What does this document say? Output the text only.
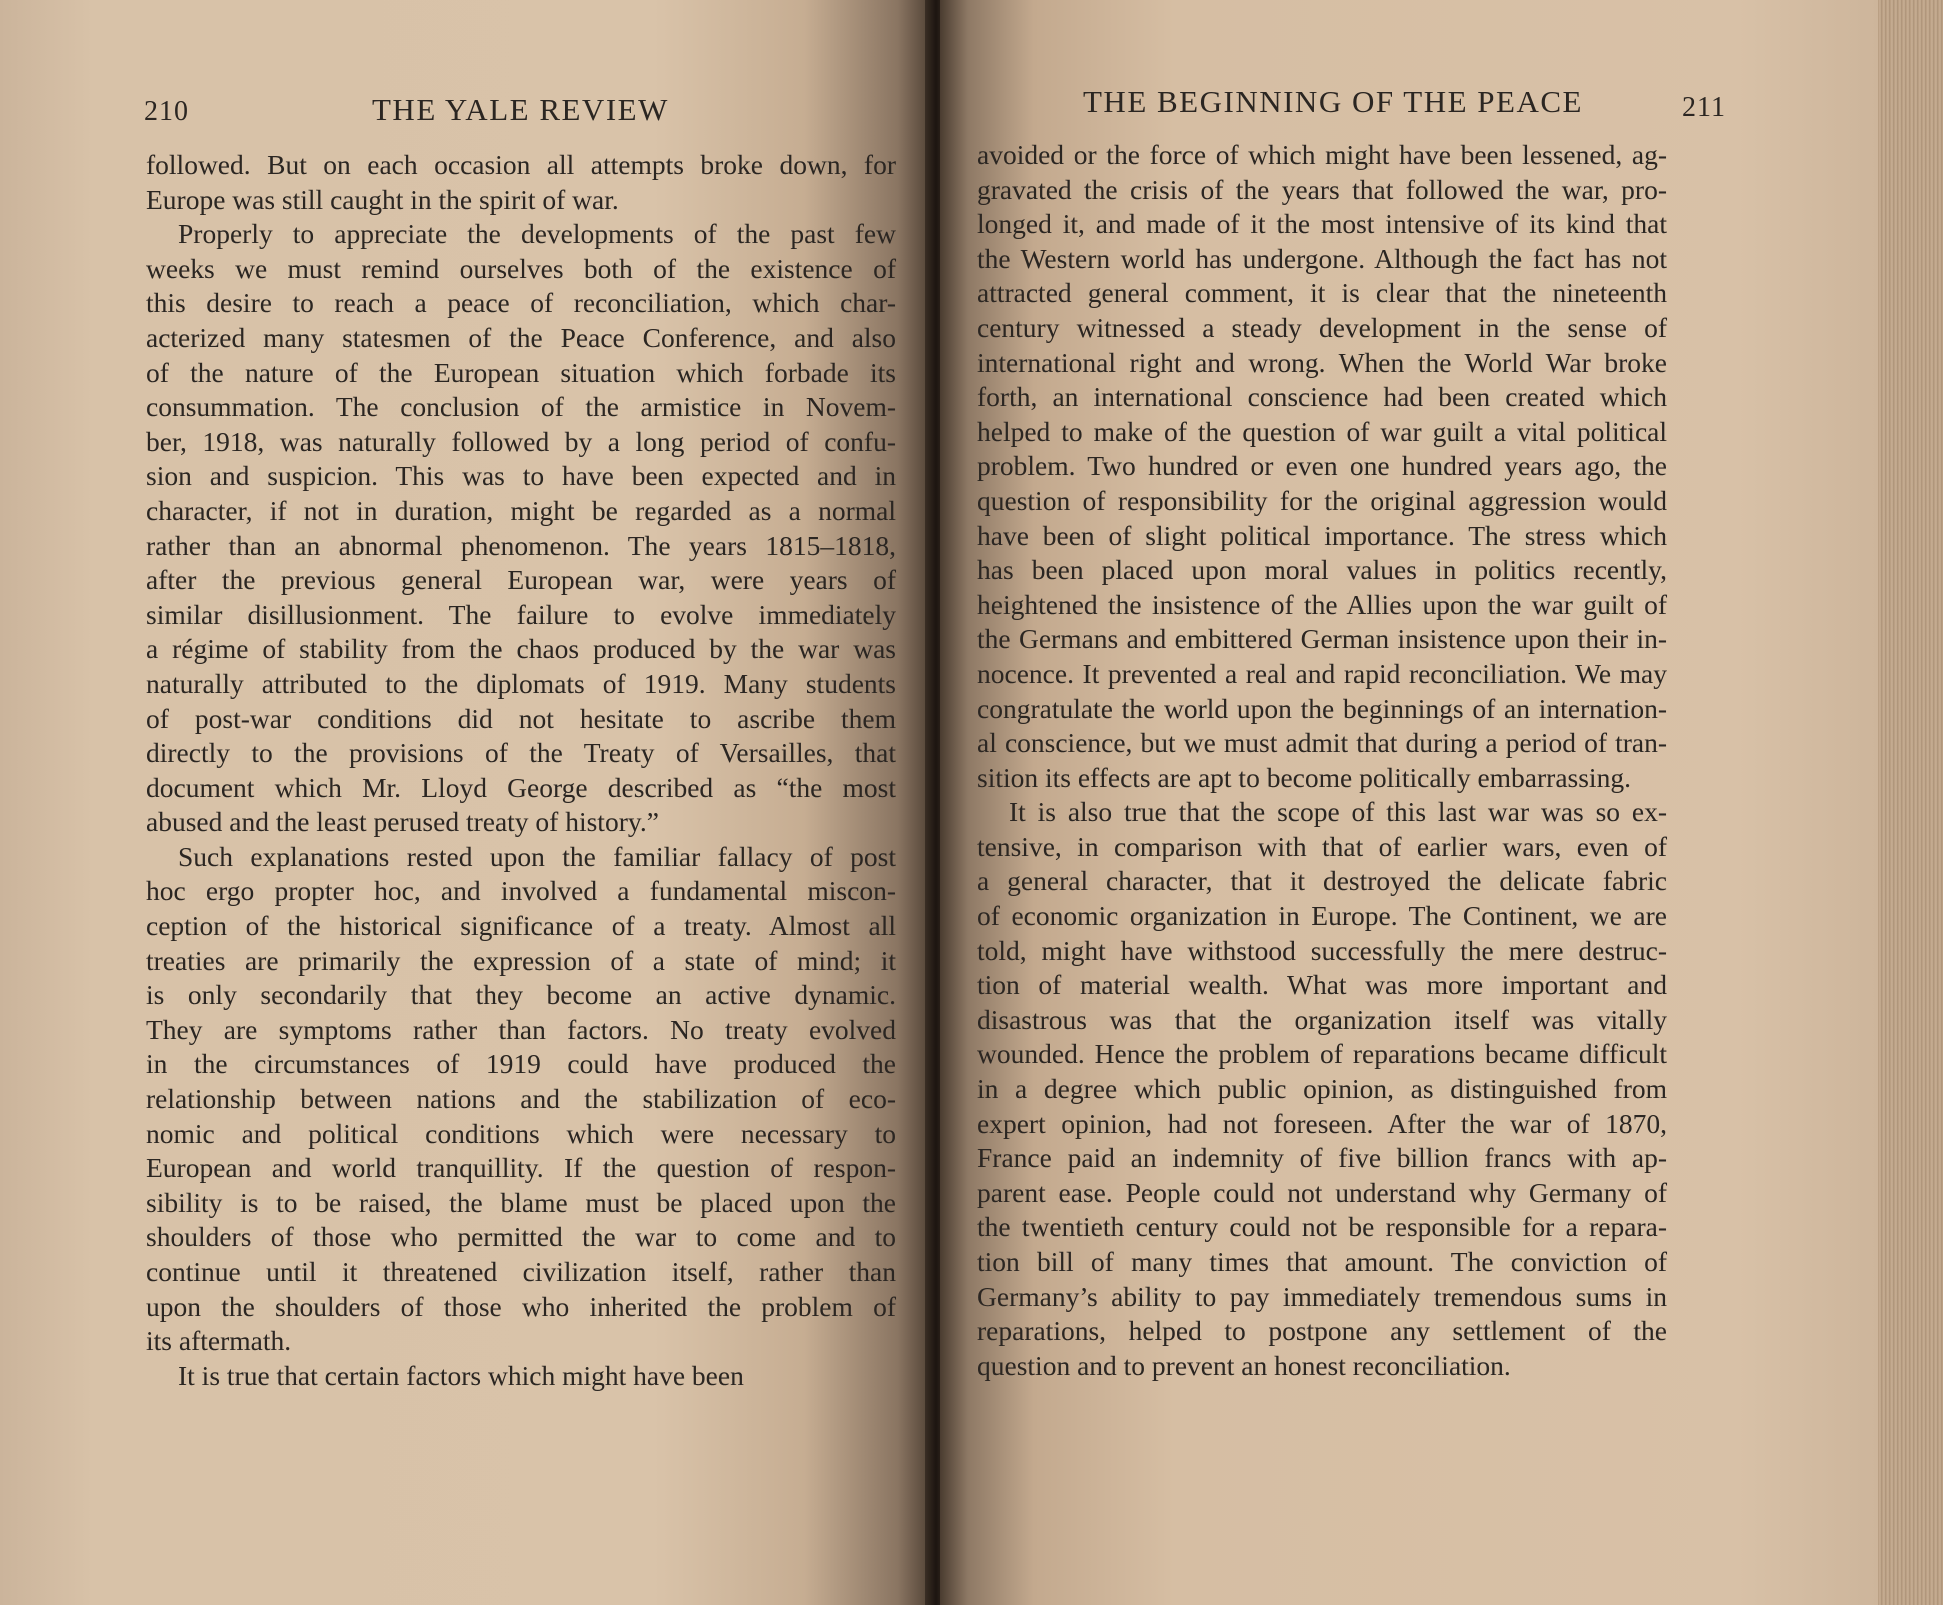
210	THE YALE REVIEW
followed. But on each occasion all attempts broke down, for
Europe was still caught in the spirit of war.
Properly to appreciate the developments of the past few
weeks we must remind ourselves both of the existence of
this desire to reach a peace of reconciliation, which char-
acterized many statesmen of the Peace Conference, and also
of the nature of the European situation which forbade its
consummation. The conclusion of the armistice in Novem-
ber, 1918, was naturally followed by a long period of confu-
sion and suspicion. This was to have been expected and in
character, if not in duration, might be regarded as a normal
rather than an abnormal phenomenon. The years 1815–1818,
after the previous general European war, were years of
similar disillusionment. The failure to evolve immediately
a régime of stability from the chaos produced by the war was
naturally attributed to the diplomats of 1919. Many students
of post-war conditions did not hesitate to ascribe them
directly to the provisions of the Treaty of Versailles, that
document which Mr. Lloyd George described as “the most
abused and the least perused treaty of history.”
Such explanations rested upon the familiar fallacy of post
hoc ergo propter hoc, and involved a fundamental miscon-
ception of the historical significance of a treaty. Almost all
treaties are primarily the expression of a state of mind; it
is only secondarily that they become an active dynamic.
They are symptoms rather than factors. No treaty evolved
in the circumstances of 1919 could have produced the
relationship between nations and the stabilization of eco-
nomic and political conditions which were necessary to
European and world tranquillity. If the question of respon-
sibility is to be raised, the blame must be placed upon the
shoulders of those who permitted the war to come and to
continue until it threatened civilization itself, rather than
upon the shoulders of those who inherited the problem of
its aftermath.
It is true that certain factors which might have been
THE BEGINNING OF THE PEACE	211
avoided or the force of which might have been lessened, ag-
gravated the crisis of the years that followed the war, pro-
longed it, and made of it the most intensive of its kind that
the Western world has undergone. Although the fact has not
attracted general comment, it is clear that the nineteenth
century witnessed a steady development in the sense of
international right and wrong. When the World War broke
forth, an international conscience had been created which
helped to make of the question of war guilt a vital political
problem. Two hundred or even one hundred years ago, the
question of responsibility for the original aggression would
have been of slight political importance. The stress which
has been placed upon moral values in politics recently,
heightened the insistence of the Allies upon the war guilt of
the Germans and embittered German insistence upon their in-
nocence. It prevented a real and rapid reconciliation. We may
congratulate the world upon the beginnings of an internation-
al conscience, but we must admit that during a period of tran-
sition its effects are apt to become politically embarrassing.
It is also true that the scope of this last war was so ex-
tensive, in comparison with that of earlier wars, even of
a general character, that it destroyed the delicate fabric
of economic organization in Europe. The Continent, we are
told, might have withstood successfully the mere destruc-
tion of material wealth. What was more important and
disastrous was that the organization itself was vitally
wounded. Hence the problem of reparations became difficult
in a degree which public opinion, as distinguished from
expert opinion, had not foreseen. After the war of 1870,
France paid an indemnity of five billion francs with ap-
parent ease. People could not understand why Germany of
the twentieth century could not be responsible for a repara-
tion bill of many times that amount. The conviction of
Germany’s ability to pay immediately tremendous sums in
reparations, helped to postpone any settlement of the
question and to prevent an honest reconciliation.
